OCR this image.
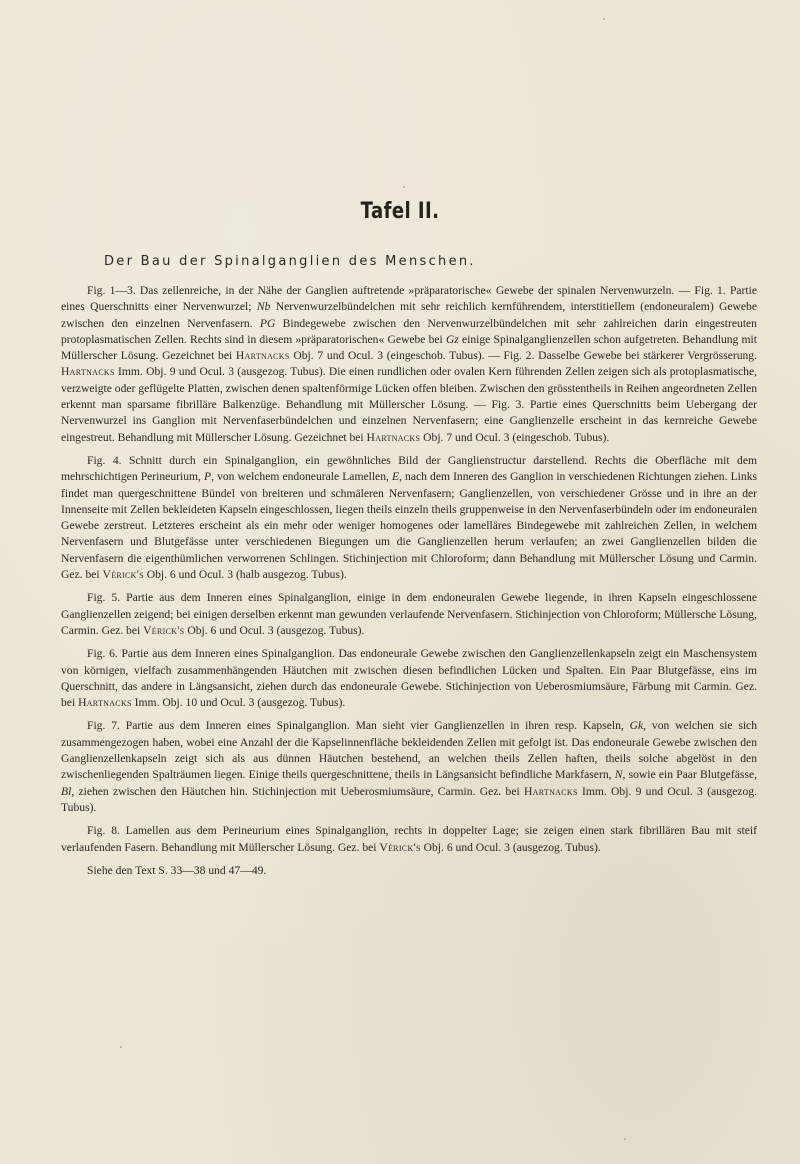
Tafel II.
Der Bau der Spinalganglien des Menschen.

Fig. 1—3. Das zellenreiche, in der Nähe der Ganglien auftretende »präparatorische« Gewebe der spinalen Nervenwurzeln. — Fig. 1. Partie eines Querschnitts einer Nervenwurzel; Nb Nervenwurzelbündelchen mit sehr reichlich kernführendem, interstitiellem (endoneuralem) Gewebe zwischen den einzelnen Nervenfasern. PG Bindegewebe zwischen den Nervenwurzelbündelchen mit sehr zahlreichen darin eingestreuten protoplasmatischen Zellen. Rechts sind in diesem »präparatorischen« Gewebe bei Gz einige Spinalganglienzellen schon aufgetreten. Behandlung mit Müllerscher Lösung. Gezeichnet bei Hartnacks Obj. 7 und Ocul. 3 (eingeschob. Tubus). — Fig. 2. Dasselbe Gewebe bei stärkerer Vergrösserung. Hartnacks Imm. Obj. 9 und Ocul. 3 (ausgezog. Tubus). Die einen rundlichen oder ovalen Kern führenden Zellen zeigen sich als protoplasmatische, verzweigte oder geflügelte Platten, zwischen denen spaltenförmige Lücken offen bleiben. Zwischen den grösstentheils in Reihen angeordneten Zellen erkennt man sparsame fibrilläre Balkenzüge. Behandlung mit Müllerscher Lösung. — Fig. 3. Partie eines Querschnitts beim Uebergang der Nervenwurzel ins Ganglion mit Nervenfaserbündelchen und einzelnen Nervenfasern; eine Ganglienzelle erscheint in das kernreiche Gewebe eingestreut. Behandlung mit Müllerscher Lösung. Gezeichnet bei Hartnacks Obj. 7 und Ocul. 3 (eingeschob. Tubus).

Fig. 4. Schnitt durch ein Spinalganglion, ein gewöhnliches Bild der Ganglienstructur darstellend. Rechts die Oberfläche mit dem mehrschichtigen Perineurium, P, von welchem endoneurale Lamellen, E, nach dem Inneren des Ganglion in verschiedenen Richtungen ziehen. Links findet man quergeschnittene Bündel von breiteren und schmäleren Nervenfasern; Ganglienzellen, von verschiedener Grösse und in ihre an der Innenseite mit Zellen bekleideten Kapseln eingeschlossen, liegen theils einzeln theils gruppenweise in den Nervenfaserbündeln oder im endoneuralen Gewebe zerstreut. Letzteres erscheint als ein mehr oder weniger homogenes oder lamelläres Bindegewebe mit zahlreichen Zellen, in welchem Nervenfasern und Blutgefässe unter verschiedenen Biegungen um die Ganglienzellen herum verlaufen; an zwei Ganglienzellen bilden die Nervenfasern die eigenthümlichen verworrenen Schlingen. Stichinjection mit Chloroform; dann Behandlung mit Müllerscher Lösung und Carmin. Gez. bei Vérick's Obj. 6 und Ocul. 3 (halb ausgezog. Tubus).

Fig. 5. Partie aus dem Inneren eines Spinalganglion, einige in dem endoneuralen Gewebe liegende, in ihren Kapseln eingeschlossene Ganglienzellen zeigend; bei einigen derselben erkennt man gewunden verlaufende Nervenfasern. Stichinjection von Chloroform; Müllersche Lösung, Carmin. Gez. bei Vérick's Obj. 6 und Ocul. 3 (ausgezog. Tubus).

Fig. 6. Partie aus dem Inneren eines Spinalganglion. Das endoneurale Gewebe zwischen den Ganglienzellenkapseln zeigt ein Maschensystem von körnigen, vielfach zusammenhängenden Häutchen mit zwischen diesen befindlichen Lücken und Spalten. Ein Paar Blutgefässe, eins im Querschnitt, das andere in Längsansicht, ziehen durch das endoneurale Gewebe. Stichinjection von Ueberosmiumsäure, Färbung mit Carmin. Gez. bei Hartnacks Imm. Obj. 10 und Ocul. 3 (ausgezog. Tubus).

Fig. 7. Partie aus dem Inneren eines Spinalganglion. Man sieht vier Ganglienzellen in ihren resp. Kapseln, Gk, von welchen sie sich zusammengezogen haben, wobei eine Anzahl der die Kapselinnenfläche bekleidenden Zellen mit gefolgt ist. Das endoneurale Gewebe zwischen den Ganglienzellenkapseln zeigt sich als aus dünnen Häutchen bestehend, an welchen theils Zellen haften, theils solche abgelöst in den zwischenliegenden Spalträumen liegen. Einige theils quergeschnittene, theils in Längsansicht befindliche Markfasern, N, sowie ein Paar Blutgefässe, Bl, ziehen zwischen den Häutchen hin. Stichinjection mit Ueberosmiumsäure, Carmin. Gez. bei Hartnacks Imm. Obj. 9 und Ocul. 3 (ausgezog. Tubus).

Fig. 8. Lamellen aus dem Perineurium eines Spinalganglion, rechts in doppelter Lage; sie zeigen einen stark fibrillären Bau mit steif verlaufenden Fasern. Behandlung mit Müllerscher Lösung. Gez. bei Vérick's Obj. 6 und Ocul. 3 (ausgezog. Tubus).

Siehe den Text S. 33—38 und 47—49.
